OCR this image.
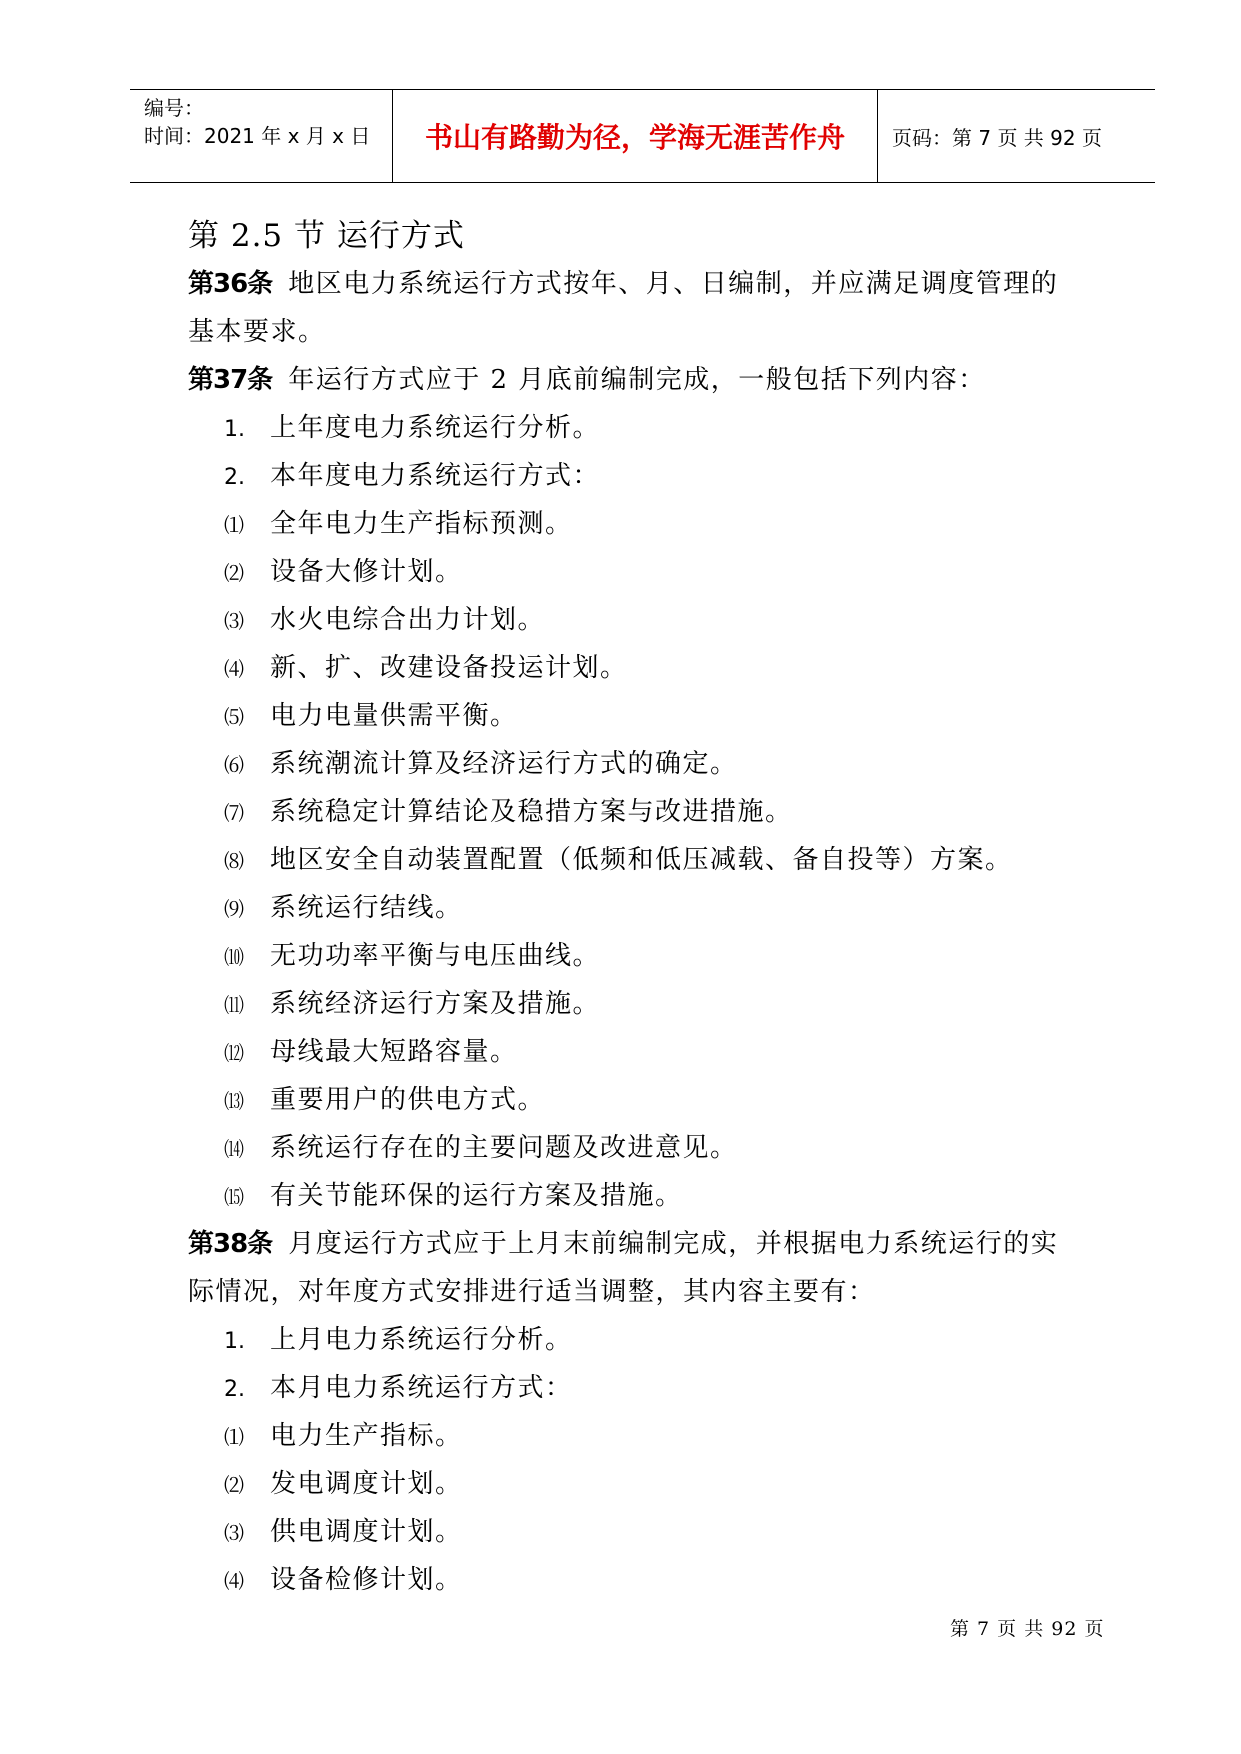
编号：
时间：2021 年 x 月 x 日	书山有路勤为径，学海无涯苦作舟	页码：第 7 页 共 92 页
第 2.5 节 运行方式
第36条 地区电力系统运行方式按年、月、日编制，并应满足调度管理的
基本要求。
第37条 年运行方式应于 2 月底前编制完成，一般包括下列内容：
1. 上年度电力系统运行分析。
2. 本年度电力系统运行方式：
⑴ 全年电力生产指标预测。
⑵ 设备大修计划。
⑶ 水火电综合出力计划。
⑷ 新、扩、改建设备投运计划。
⑸ 电力电量供需平衡。
⑹ 系统潮流计算及经济运行方式的确定。
⑺ 系统稳定计算结论及稳措方案与改进措施。
⑻ 地区安全自动装置配置（低频和低压减载、备自投等）方案。
⑼ 系统运行结线。
⑽ 无功功率平衡与电压曲线。
⑾ 系统经济运行方案及措施。
⑿ 母线最大短路容量。
⒀ 重要用户的供电方式。
⒁ 系统运行存在的主要问题及改进意见。
⒂ 有关节能环保的运行方案及措施。
第38条 月度运行方式应于上月末前编制完成，并根据电力系统运行的实
际情况，对年度方式安排进行适当调整，其内容主要有：
1. 上月电力系统运行分析。
2. 本月电力系统运行方式：
⑴ 电力生产指标。
⑵ 发电调度计划。
⑶ 供电调度计划。
⑷ 设备检修计划。
第 7 页 共 92 页
